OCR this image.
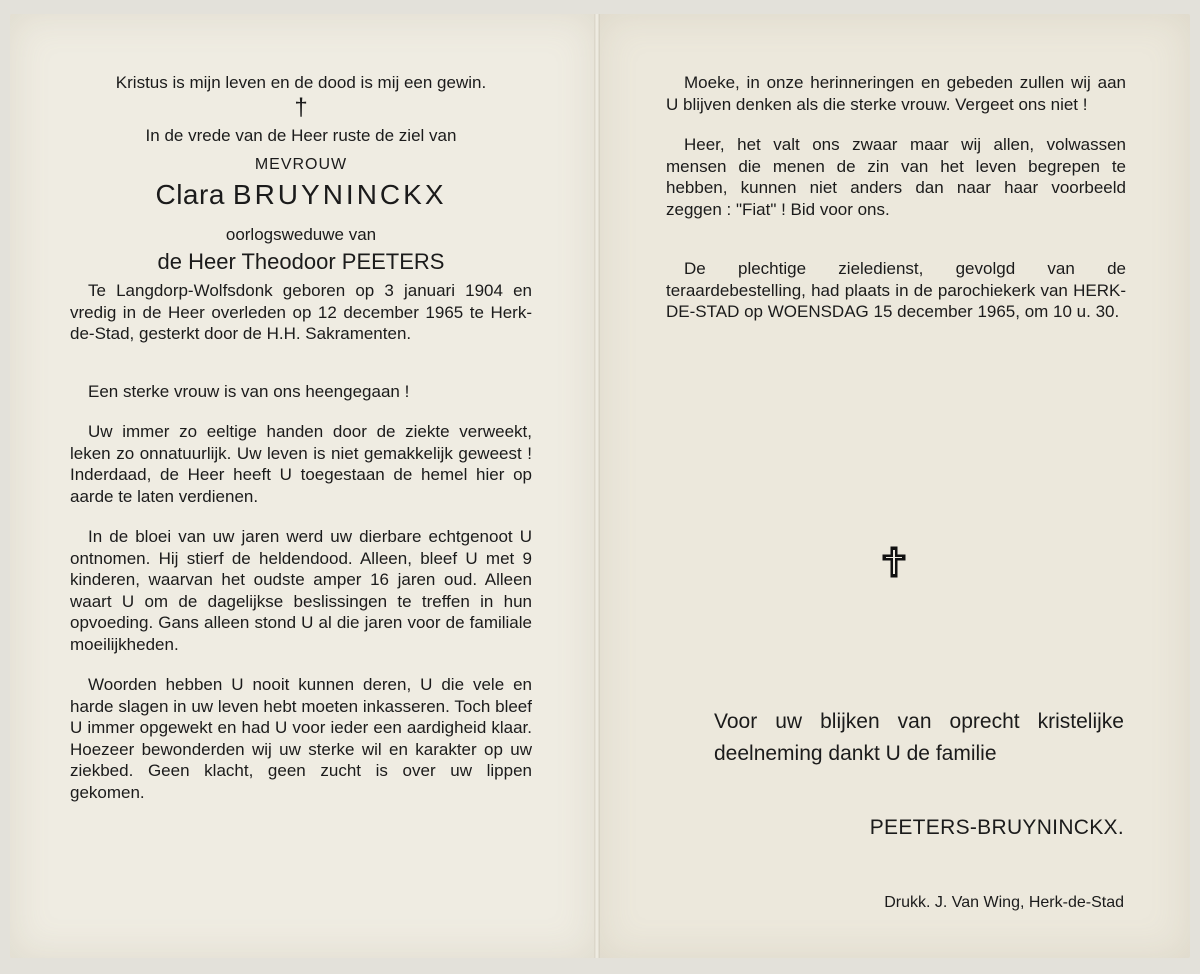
Kristus is mijn leven en de dood is mij een gewin.
†
In de vrede van de Heer ruste de ziel van
MEVROUW
Clara BRUYNINCKX
oorlogsweduwe van
de Heer Theodoor PEETERS

Te Langdorp-Wolfsdonk geboren op 3 januari 1904 en vredig in de Heer overleden op 12 december 1965 te Herk-de-Stad, gesterkt door de H.H. Sakramenten.

Een sterke vrouw is van ons heengegaan !

Uw immer zo eeltige handen door de ziekte verweekt, leken zo onnatuurlijk. Uw leven is niet gemakkelijk geweest ! Inderdaad, de Heer heeft U toegestaan de hemel hier op aarde te laten verdienen.

In de bloei van uw jaren werd uw dierbare echtgenoot U ontnomen. Hij stierf de heldendood. Alleen, bleef U met 9 kinderen, waarvan het oudste amper 16 jaren oud. Alleen waart U om de dagelijkse beslissingen te treffen in hun opvoeding. Gans alleen stond U al die jaren voor de familiale moeilijkheden.

Woorden hebben U nooit kunnen deren, U die vele en harde slagen in uw leven hebt moeten inkasseren. Toch bleef U immer opgewekt en had U voor ieder een aardigheid klaar. Hoezeer bewonderden wij uw sterke wil en karakter op uw ziekbed. Geen klacht, geen zucht is over uw lippen gekomen.

Moeke, in onze herinneringen en gebeden zullen wij aan U blijven denken als die sterke vrouw. Vergeet ons niet !

Heer, het valt ons zwaar maar wij allen, volwassen mensen die menen de zin van het leven begrepen te hebben, kunnen niet anders dan naar haar voorbeeld zeggen : "Fiat" ! Bid voor ons.

De plechtige zieledienst, gevolgd van de teraardebestelling, had plaats in de parochiekerk van HERK-DE-STAD op WOENSDAG 15 december 1965, om 10 u. 30.

Voor uw blijken van oprecht kristelijke deelneming dankt U de familie

PEETERS-BRUYNINCKX.
Drukk. J. Van Wing, Herk-de-Stad
